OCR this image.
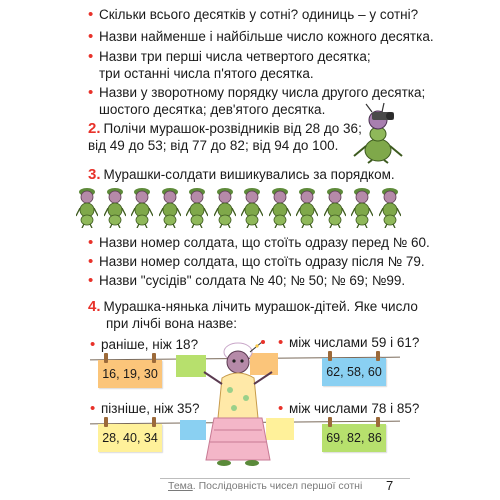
• Скільки всього десятків у сотні? одиниць – у сотні?
• Назви найменше і найбільше число кожного десятка.
• Назви три перші числа четвертого десятка;
три останні числа п'ятого десятка.
• Назви у зворотному порядку числа другого десятка;
шостого десятка; дев'ятого десятка.
2. Полічи мурашок-розвідників від 28 до 36;
від 49 до 53; від 77 до 82; від 94 до 100.
3. Мурашки-солдати вишикувались за порядком.
• Назви номер солдата, що стоїть одразу перед № 60.
• Назви номер солдата, що стоїть одразу після № 79.
• Назви "сусідів" солдата № 40; № 50; № 69; №99.
4. Мурашка-нянька лічить мурашок-дітей. Яке число
при лічбі вона назве:
• раніше, ніж 18?	• між числами 59 і 61?
• пізніше, ніж 35?	• між числами 78 і 85?
16, 19, 30	62, 58, 60
28, 40, 34	69, 82, 86
Тема. Послідовність чисел першої сотні 7
